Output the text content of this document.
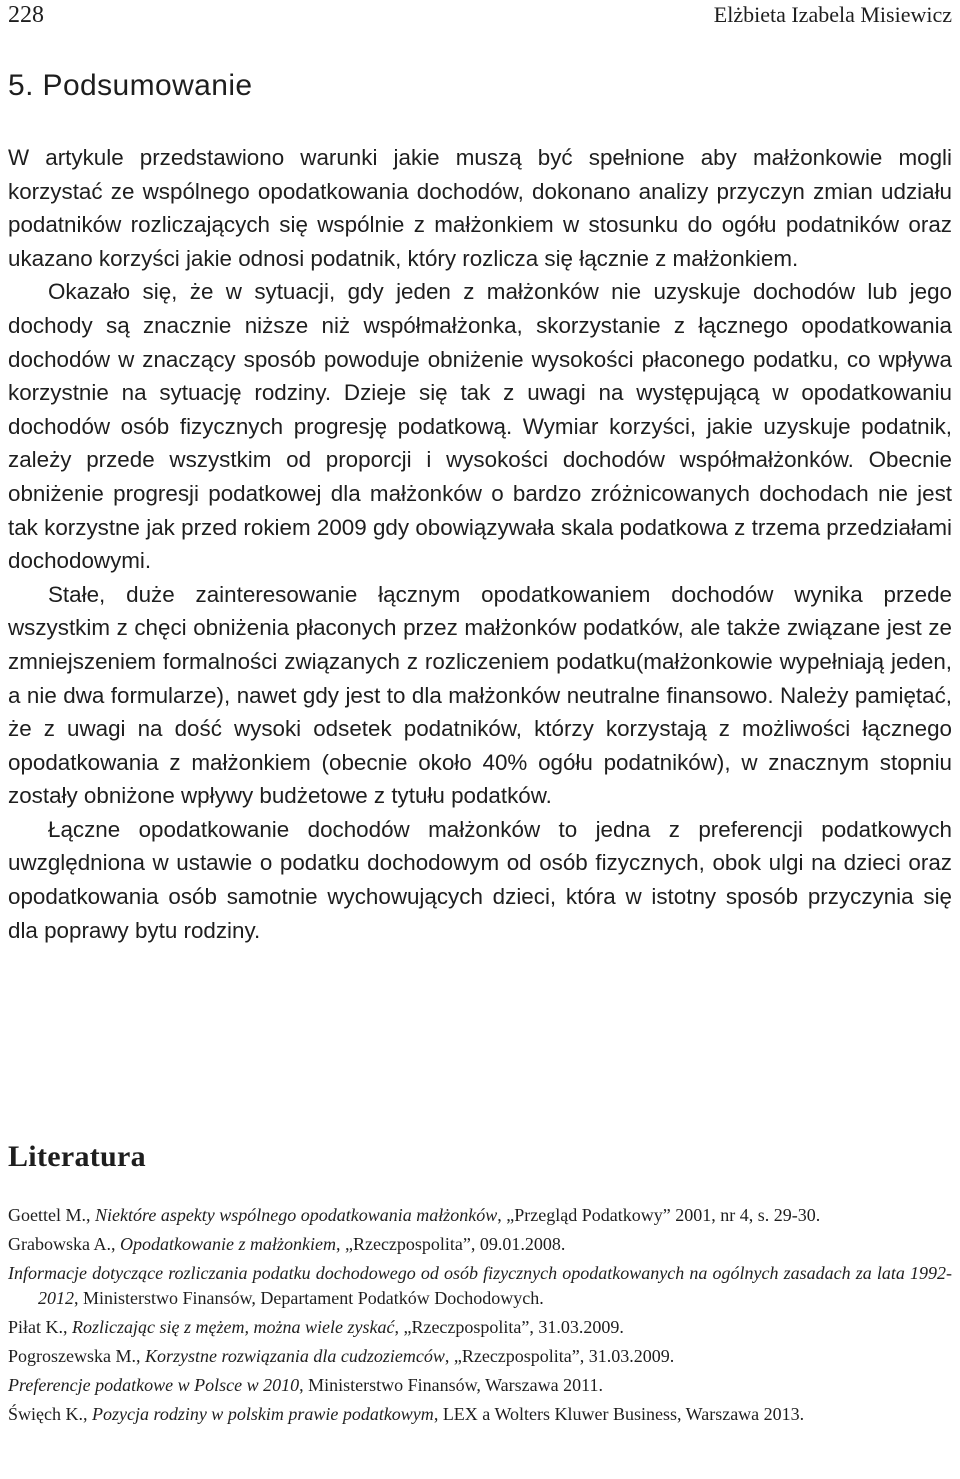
228	Elżbieta Izabela Misiewicz
5. Podsumowanie

W artykule przedstawiono warunki jakie muszą być spełnione aby małżonkowie mogli korzystać ze wspólnego opodatkowania dochodów, dokonano analizy przyczyn zmian udziału podatników rozliczających się wspólnie z małżonkiem w stosunku do ogółu podatników oraz ukazano korzyści jakie odnosi podatnik, który rozlicza się łącznie z małżonkiem.

Okazało się, że w sytuacji, gdy jeden z małżonków nie uzyskuje dochodów lub jego dochody są znacznie niższe niż współmałżonka, skorzystanie z łącznego opodatkowania dochodów w znaczący sposób powoduje obniżenie wysokości płaconego podatku, co wpływa korzystnie na sytuację rodziny. Dzieje się tak z uwagi na występującą w opodatkowaniu dochodów osób fizycznych progresję podatkową. Wymiar korzyści, jakie uzyskuje podatnik, zależy przede wszystkim od proporcji i wysokości dochodów współmałżonków. Obecnie obniżenie progresji podatkowej dla małżonków o bardzo zróżnicowanych dochodach nie jest tak korzystne jak przed rokiem 2009 gdy obowiązywała skala podatkowa z trzema przedziałami dochodowymi.

Stałe, duże zainteresowanie łącznym opodatkowaniem dochodów wynika przede wszystkim z chęci obniżenia płaconych przez małżonków podatków, ale także związane jest ze zmniejszeniem formalności związanych z rozliczeniem podatku(małżonkowie wypełniają jeden, a nie dwa formularze), nawet gdy jest to dla małżonków neutralne finansowo. Należy pamiętać, że z uwagi na dość wysoki odsetek podatników, którzy korzystają z możliwości łącznego opodatkowania z małżonkiem (obecnie około 40% ogółu podatników), w znacznym stopniu zostały obniżone wpływy budżetowe z tytułu podatków.

Łączne opodatkowanie dochodów małżonków to jedna z preferencji podatkowych uwzględniona w ustawie o podatku dochodowym od osób fizycznych, obok ulgi na dzieci oraz opodatkowania osób samotnie wychowujących dzieci, która w istotny sposób przyczynia się dla poprawy bytu rodziny.

Literatura

Goettel M., Niektóre aspekty wspólnego opodatkowania małżonków, „Przegląd Podatkowy” 2001, nr 4, s. 29-30.

Grabowska A., Opodatkowanie z małżonkiem, „Rzeczpospolita”, 09.01.2008.

Informacje dotyczące rozliczania podatku dochodowego od osób fizycznych opodatkowanych na ogólnych zasadach za lata 1992-2012, Ministerstwo Finansów, Departament Podatków Dochodowych.

Piłat K., Rozliczając się z mężem, można wiele zyskać, „Rzeczpospolita”, 31.03.2009.

Pogroszewska M., Korzystne rozwiązania dla cudzoziemców, „Rzeczpospolita”, 31.03.2009.

Preferencje podatkowe w Polsce w 2010, Ministerstwo Finansów, Warszawa 2011.

Święch K., Pozycja rodziny w polskim prawie podatkowym, LEX a Wolters Kluwer Business, Warszawa 2013.
